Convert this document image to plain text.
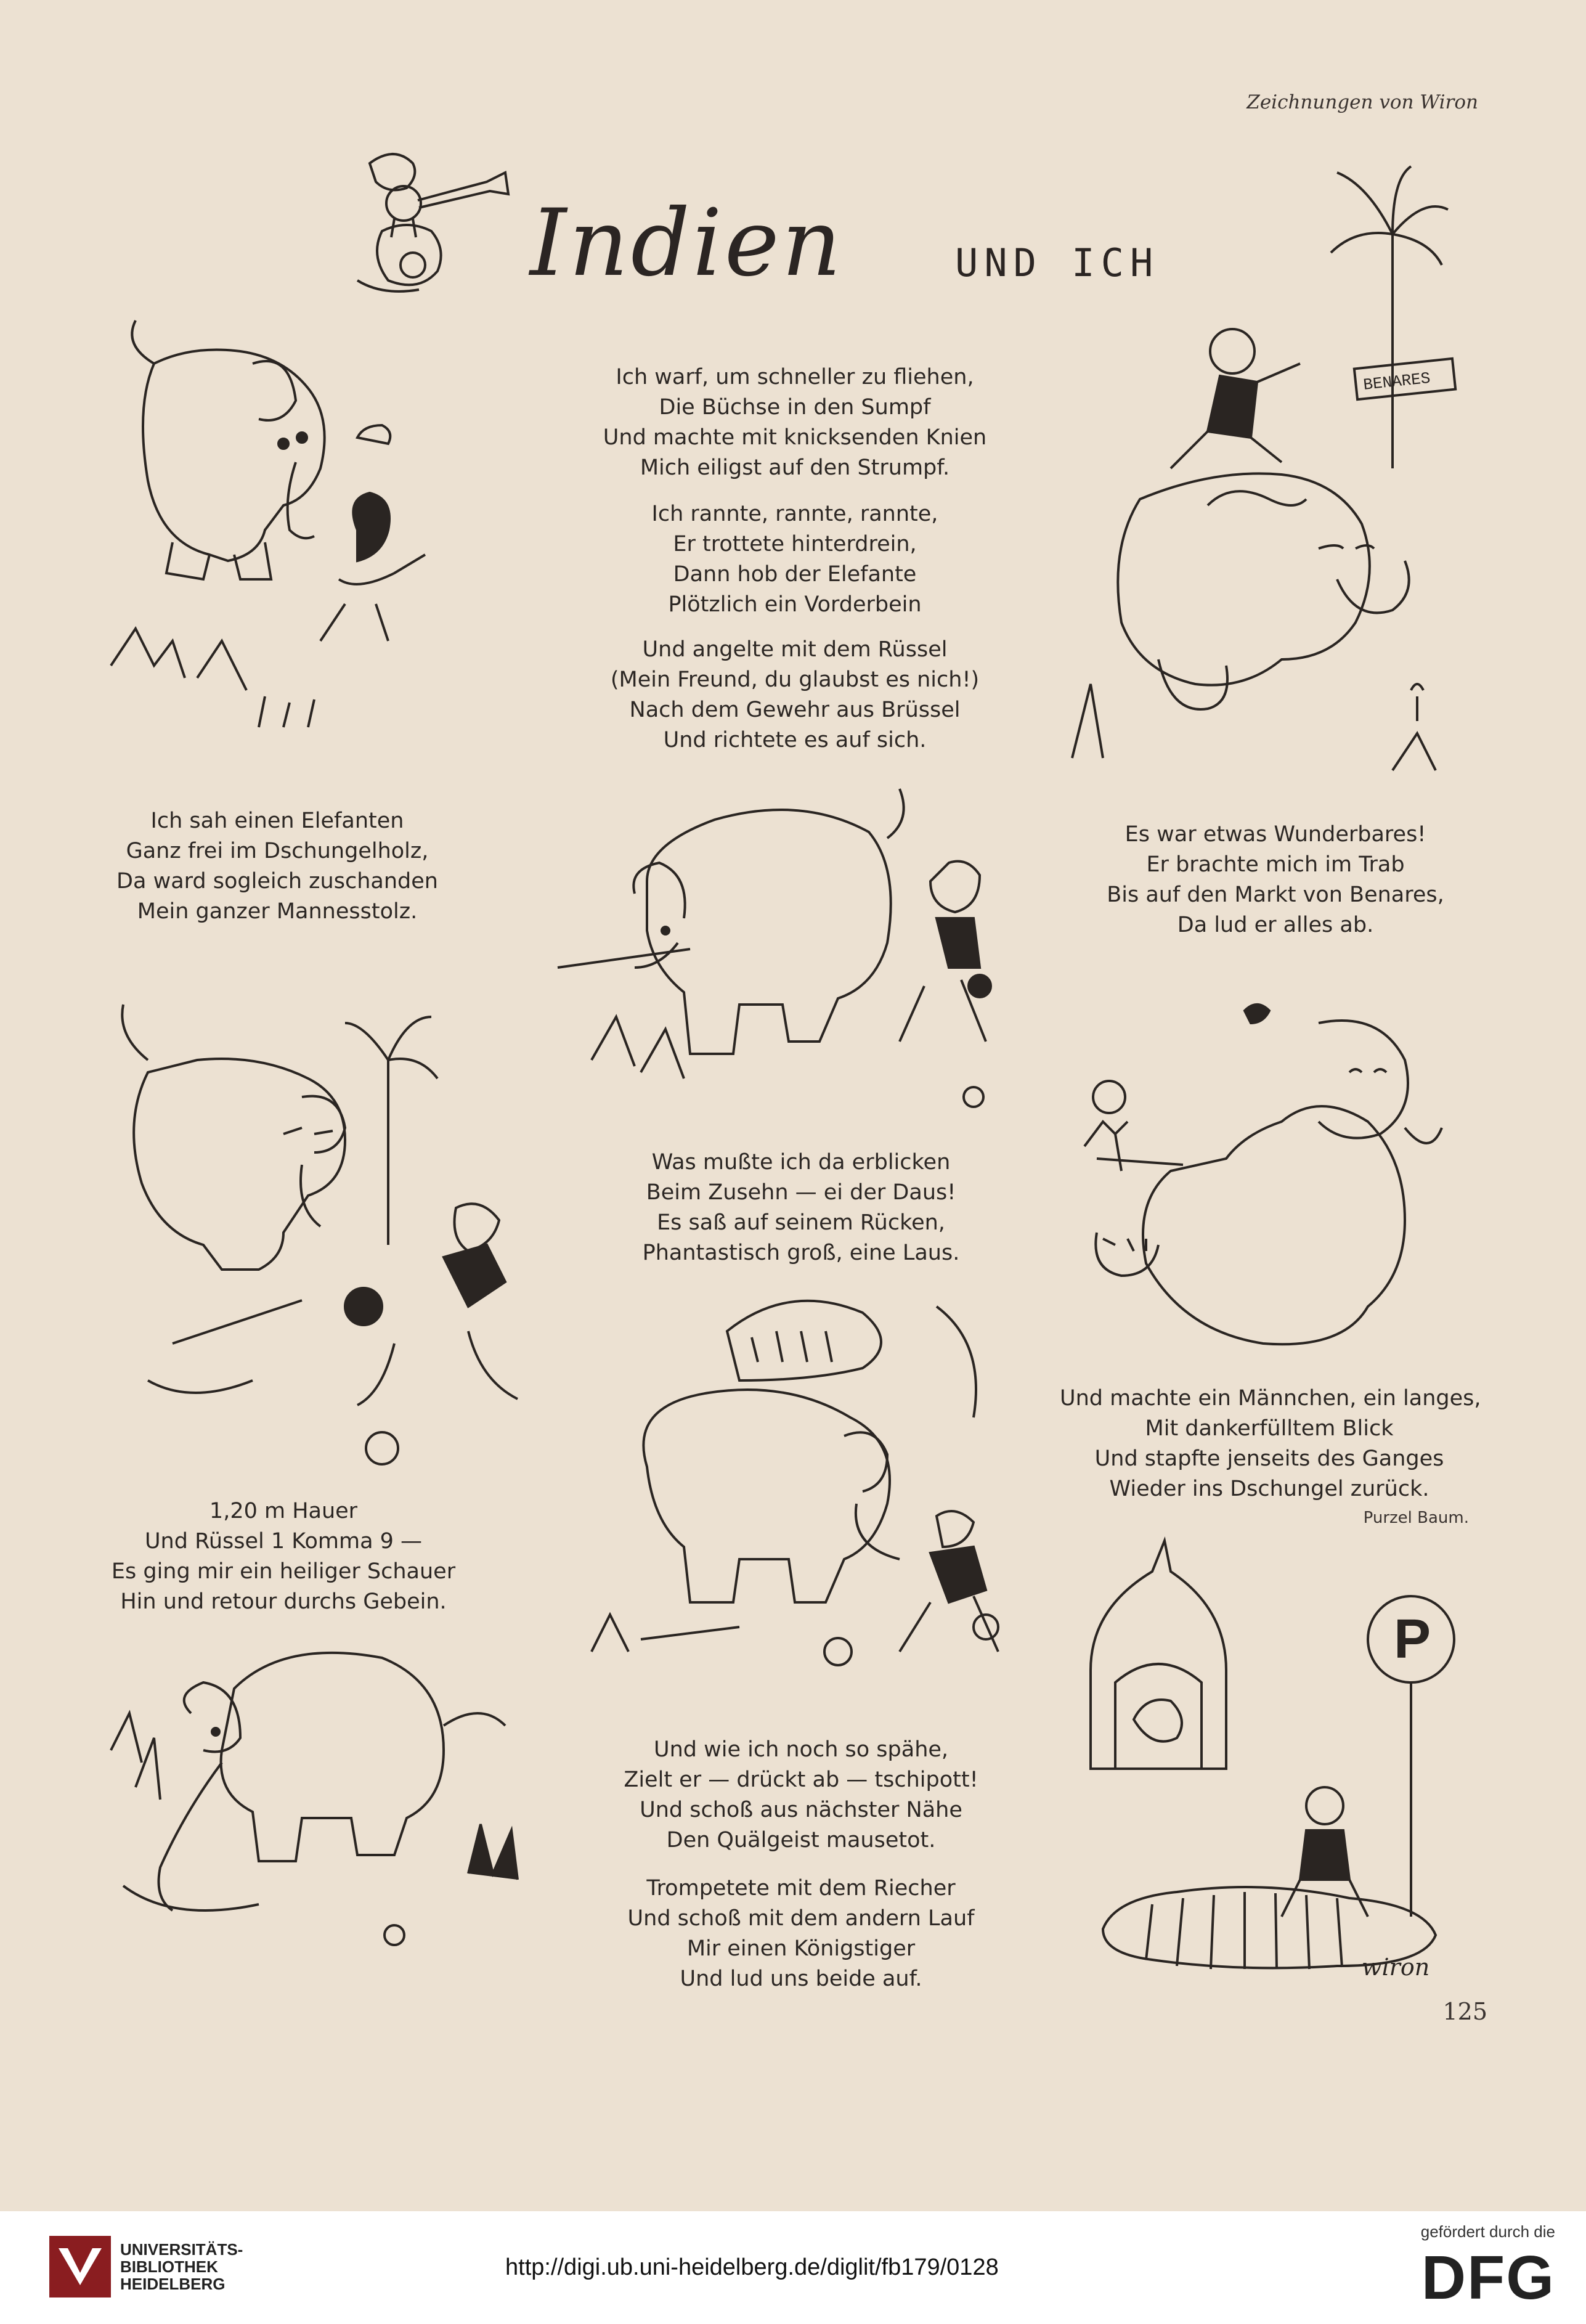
Zeichnungen von Wiron
Indien	UND ICH
BENARES
Ich warf, um schneller zu fliehen,
Die Büchse in den Sumpf
Und machte mit knicksenden Knien
Mich eiligst auf den Strumpf.
Ich rannte, rannte, rannte,
Er trottete hinterdrein,
Dann hob der Elefante
Plötzlich ein Vorderbein
Und angelte mit dem Rüssel
(Mein Freund, du glaubst es nich!)
Nach dem Gewehr aus Brüssel
Und richtete es auf sich.
Ich sah einen Elefanten
Ganz frei im Dschungelholz,
Da ward sogleich zuschanden
Mein ganzer Mannesstolz.
Es war etwas Wunderbares!
Er brachte mich im Trab
Bis auf den Markt von Benares,
Da lud er alles ab.
Was mußte ich da erblicken
Beim Zusehn — ei der Daus!
Es saß auf seinem Rücken,
Phantastisch groß, eine Laus.
Und machte ein Männchen, ein langes,
Mit dankerfülltem Blick
Und stapfte jenseits des Ganges
Wieder ins Dschungel zurück.
Purzel Baum.
1,20 m Hauer
Und Rüssel 1 Komma 9 —
Es ging mir ein heiliger Schauer
Hin und retour durchs Gebein.
Und wie ich noch so spähe,
Zielt er — drückt ab — tschipott!
Und schoß aus nächster Nähe
Den Quälgeist mausetot.
Trompetete mit dem Riecher
Und schoß mit dem andern Lauf
Mir einen Königstiger
Und lud uns beide auf.
P
wiron
125
UNIVERSITÄTS-
BIBLIOTHEK
HEIDELBERG
http://digi.ub.uni-heidelberg.de/diglit/fb179/0128
gefördert durch die
DFG
